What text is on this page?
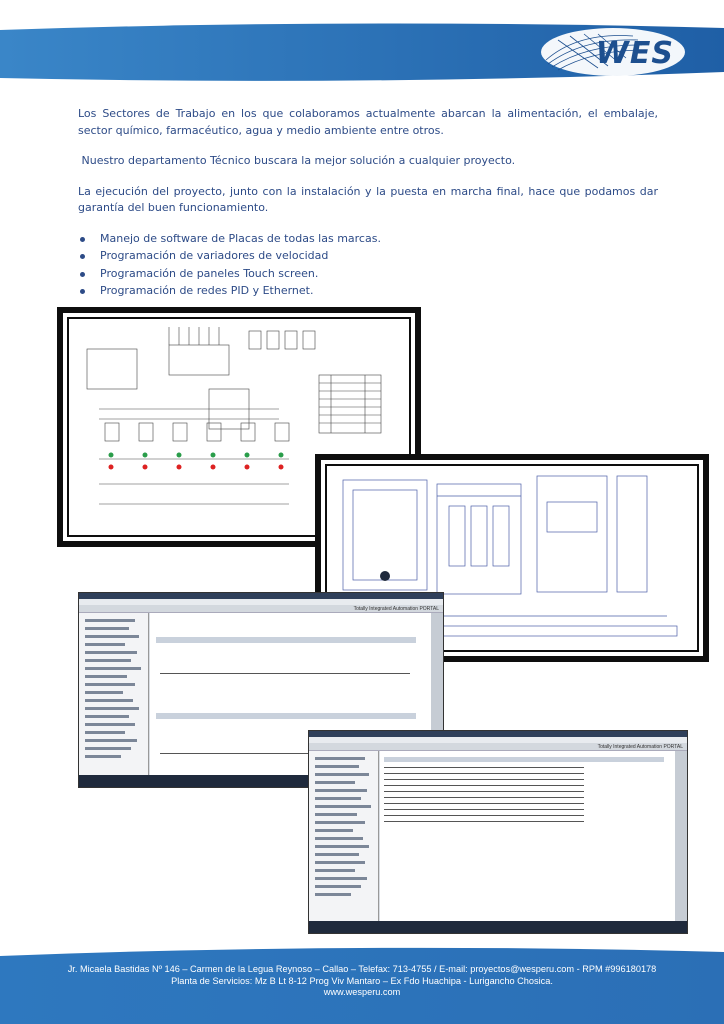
WES

Los Sectores de Trabajo en los que colaboramos actualmente abarcan la alimentación, el embalaje, sector químico, farmacéutico, agua y medio ambiente entre otros.

Nuestro departamento Técnico buscara la mejor solución a cualquier proyecto.

La ejecución del proyecto, junto con la instalación y la puesta en marcha final, hace que podamos dar garantía del buen funcionamiento.

Manejo de software de Placas de todas las marcas.
Programación de variadores de velocidad
Programación de paneles Touch screen.
Programación de redes PID y Ethernet.
Totally Integrated Automation PORTAL
Totally Integrated Automation PORTAL
Jr. Micaela Bastidas Nº 146 – Carmen de la Legua Reynoso – Callao – Telefax: 713-4755 / E-mail: proyectos@wesperu.com - RPM #996180178
Planta de Servicios: Mz B Lt 8-12 Prog Viv Mantaro – Ex Fdo Huachipa - Lurigancho Chosica.
www.wesperu.com
